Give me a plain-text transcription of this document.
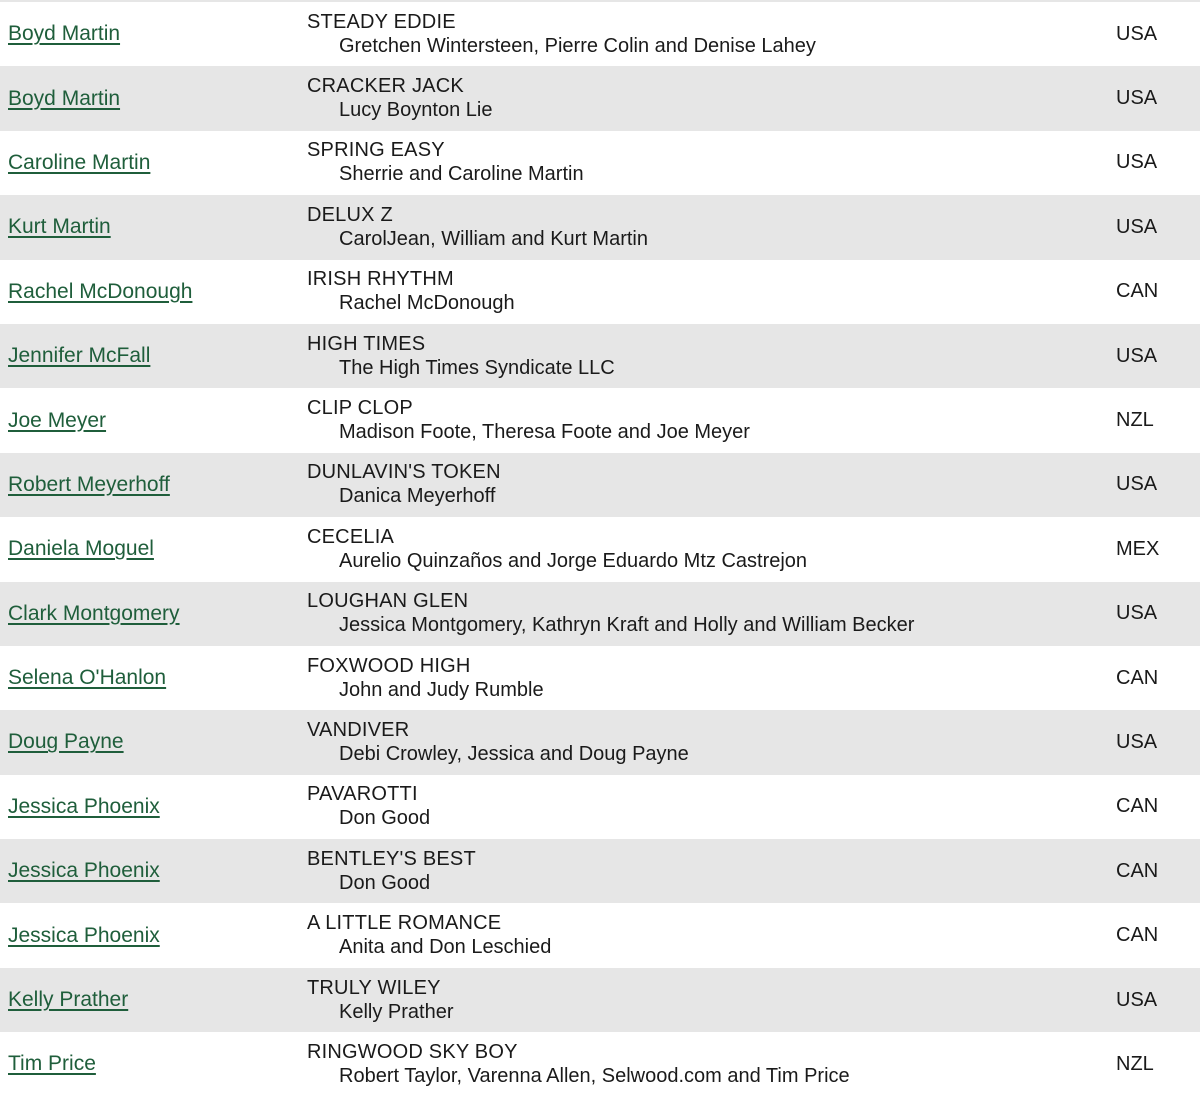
Boyd Martin
STEADY EDDIE
Gretchen Wintersteen, Pierre Colin and Denise Lahey
USA
Boyd Martin
CRACKER JACK
Lucy Boynton Lie
USA
Caroline Martin
SPRING EASY
Sherrie and Caroline Martin
USA
Kurt Martin
DELUX Z
CarolJean, William and Kurt Martin
USA
Rachel McDonough
IRISH RHYTHM
Rachel McDonough
CAN
Jennifer McFall
HIGH TIMES
The High Times Syndicate LLC
USA
Joe Meyer
CLIP CLOP
Madison Foote, Theresa Foote and Joe Meyer
NZL
Robert Meyerhoff
DUNLAVIN'S TOKEN
Danica Meyerhoff
USA
Daniela Moguel
CECELIA
Aurelio Quinzaños and Jorge Eduardo Mtz Castrejon
MEX
Clark Montgomery
LOUGHAN GLEN
Jessica Montgomery, Kathryn Kraft and Holly and William Becker
USA
Selena O'Hanlon
FOXWOOD HIGH
John and Judy Rumble
CAN
Doug Payne
VANDIVER
Debi Crowley, Jessica and Doug Payne
USA
Jessica Phoenix
PAVAROTTI
Don Good
CAN
Jessica Phoenix
BENTLEY'S BEST
Don Good
CAN
Jessica Phoenix
A LITTLE ROMANCE
Anita and Don Leschied
CAN
Kelly Prather
TRULY WILEY
Kelly Prather
USA
Tim Price
RINGWOOD SKY BOY
Robert Taylor, Varenna Allen, Selwood.com and Tim Price
NZL
